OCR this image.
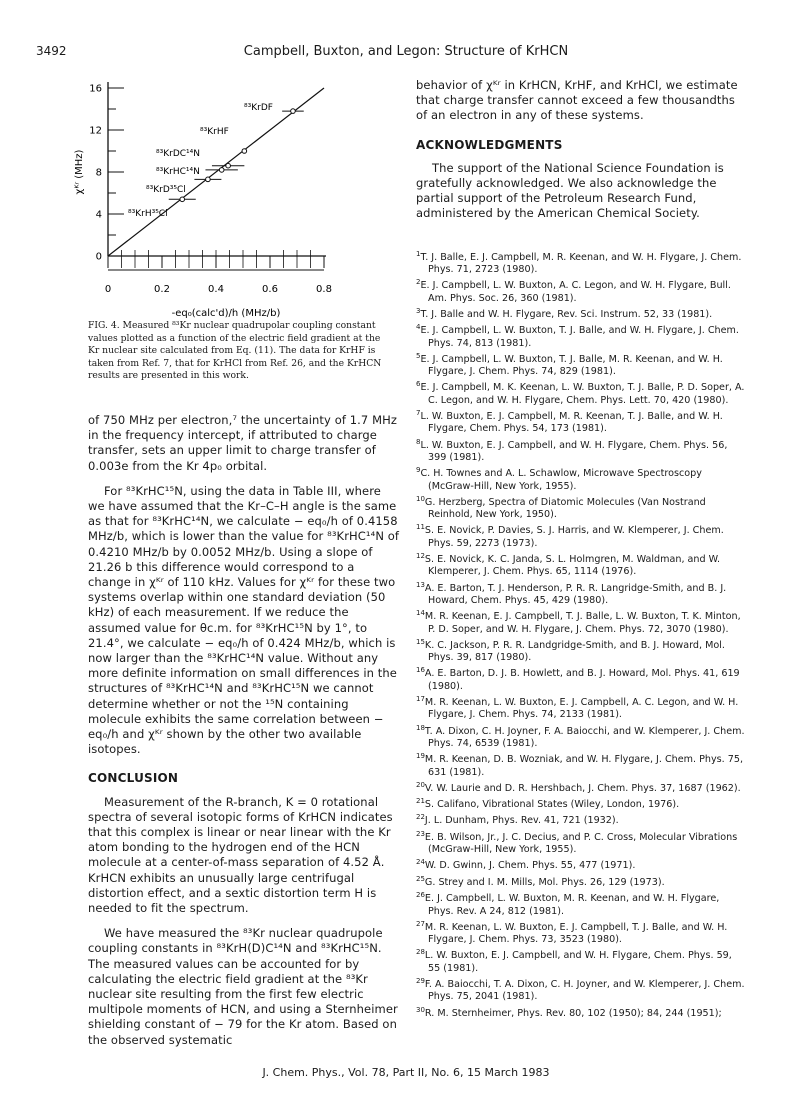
3492	Campbell, Buxton, and Legon: Structure of KrHCN
0
4
8
12
16
0	0.2	0.4	0.6	0.8
⁸³KrDF
⁸³KrHF
⁸³KrDC¹⁴N
⁸³KrHC¹⁴N
⁸³KrD³⁵Cl
⁸³KrH³⁵Cl
-eq₀(calc'd)/h (MHz/b)
χᴷʳ (MHz)
FIG. 4. Measured ⁸³Kr nuclear quadrupolar coupling constant values plotted as a function of the electric field gradient at the Kr nuclear site calculated from Eq. (11). The data for KrHF is taken from Ref. 7, that for KrHCl from Ref. 26, and the KrHCN results are presented in this work.

of 750 MHz per electron,⁷ the uncertainty of 1.7 MHz in the frequency intercept, if attributed to charge transfer, sets an upper limit to charge transfer of 0.003e from the Kr 4p₀ orbital.

For ⁸³KrHC¹⁵N, using the data in Table III, where we have assumed that the Kr–C–H angle is the same as that for ⁸³KrHC¹⁴N, we calculate − eq₀/h of 0.4158 MHz/b, which is lower than the value for ⁸³KrHC¹⁴N of 0.4210 MHz/b by 0.0052 MHz/b. Using a slope of 21.26 b this difference would correspond to a change in χᴷʳ of 110 kHz. Values for χᴷʳ for these two systems overlap within one standard deviation (50 kHz) of each measurement. If we reduce the assumed value for θc.m. for ⁸³KrHC¹⁵N by 1°, to 21.4°, we calculate − eq₀/h of 0.424 MHz/b, which is now larger than the ⁸³KrHC¹⁴N value. Without any more definite information on small differences in the structures of ⁸³KrHC¹⁴N and ⁸³KrHC¹⁵N we cannot determine whether or not the ¹⁵N containing molecule exhibits the same correlation between − eq₀/h and χᴷʳ shown by the other two available isotopes.

CONCLUSION

Measurement of the R-branch, K = 0 rotational spectra of several isotopic forms of KrHCN indicates that this complex is linear or near linear with the Kr atom bonding to the hydrogen end of the HCN molecule at a center-of-mass separation of 4.52 Å. KrHCN exhibits an unusually large centrifugal distortion effect, and a sextic distortion term H is needed to fit the spectrum.

We have measured the ⁸³Kr nuclear quadrupole coupling constants in ⁸³KrH(D)C¹⁴N and ⁸³KrHC¹⁵N. The measured values can be accounted for by calculating the electric field gradient at the ⁸³Kr nuclear site resulting from the first few electric multipole moments of HCN, and using a Sternheimer shielding constant of − 79 for the Kr atom. Based on the observed systematic

behavior of χᴷʳ in KrHCN, KrHF, and KrHCl, we estimate that charge transfer cannot exceed a few thousandths of an electron in any of these systems.

ACKNOWLEDGMENTS

The support of the National Science Foundation is gratefully acknowledged. We also acknowledge the partial support of the Petroleum Research Fund, administered by the American Chemical Society.

$^1$T. J. Balle, E. J. Campbell, M. R. Keenan, and W. H. Flygare, J. Chem. Phys. 71, 2723 (1980).
$^2$E. J. Campbell, L. W. Buxton, A. C. Legon, and W. H. Flygare, Bull. Am. Phys. Soc. 26, 360 (1981).
$^3$T. J. Balle and W. H. Flygare, Rev. Sci. Instrum. 52, 33 (1981).
$^4$E. J. Campbell, L. W. Buxton, T. J. Balle, and W. H. Flygare, J. Chem. Phys. 74, 813 (1981).
$^5$E. J. Campbell, L. W. Buxton, T. J. Balle, M. R. Keenan, and W. H. Flygare, J. Chem. Phys. 74, 829 (1981).
$^6$E. J. Campbell, M. K. Keenan, L. W. Buxton, T. J. Balle, P. D. Soper, A. C. Legon, and W. H. Flygare, Chem. Phys. Lett. 70, 420 (1980).
$^7$L. W. Buxton, E. J. Campbell, M. R. Keenan, T. J. Balle, and W. H. Flygare, Chem. Phys. 54, 173 (1981).
$^8$L. W. Buxton, E. J. Campbell, and W. H. Flygare, Chem. Phys. 56, 399 (1981).
$^9$C. H. Townes and A. L. Schawlow, Microwave Spectroscopy (McGraw-Hill, New York, 1955).
$^{10}$G. Herzberg, Spectra of Diatomic Molecules (Van Nostrand Reinhold, New York, 1950).
$^{11}$S. E. Novick, P. Davies, S. J. Harris, and W. Klemperer, J. Chem. Phys. 59, 2273 (1973).
$^{12}$S. E. Novick, K. C. Janda, S. L. Holmgren, M. Waldman, and W. Klemperer, J. Chem. Phys. 65, 1114 (1976).
$^{13}$A. E. Barton, T. J. Henderson, P. R. R. Langridge-Smith, and B. J. Howard, Chem. Phys. 45, 429 (1980).
$^{14}$M. R. Keenan, E. J. Campbell, T. J. Balle, L. W. Buxton, T. K. Minton, P. D. Soper, and W. H. Flygare, J. Chem. Phys. 72, 3070 (1980).
$^{15}$K. C. Jackson, P. R. R. Landgridge-Smith, and B. J. Howard, Mol. Phys. 39, 817 (1980).
$^{16}$A. E. Barton, D. J. B. Howlett, and B. J. Howard, Mol. Phys. 41, 619 (1980).
$^{17}$M. R. Keenan, L. W. Buxton, E. J. Campbell, A. C. Legon, and W. H. Flygare, J. Chem. Phys. 74, 2133 (1981).
$^{18}$T. A. Dixon, C. H. Joyner, F. A. Baiocchi, and W. Klemperer, J. Chem. Phys. 74, 6539 (1981).
$^{19}$M. R. Keenan, D. B. Wozniak, and W. H. Flygare, J. Chem. Phys. 75, 631 (1981).
$^{20}$V. W. Laurie and D. R. Hershbach, J. Chem. Phys. 37, 1687 (1962).
$^{21}$S. Califano, Vibrational States (Wiley, London, 1976).
$^{22}$J. L. Dunham, Phys. Rev. 41, 721 (1932).
$^{23}$E. B. Wilson, Jr., J. C. Decius, and P. C. Cross, Molecular Vibrations (McGraw-Hill, New York, 1955).
$^{24}$W. D. Gwinn, J. Chem. Phys. 55, 477 (1971).
$^{25}$G. Strey and I. M. Mills, Mol. Phys. 26, 129 (1973).
$^{26}$E. J. Campbell, L. W. Buxton, M. R. Keenan, and W. H. Flygare, Phys. Rev. A 24, 812 (1981).
$^{27}$M. R. Keenan, L. W. Buxton, E. J. Campbell, T. J. Balle, and W. H. Flygare, J. Chem. Phys. 73, 3523 (1980).
$^{28}$L. W. Buxton, E. J. Campbell, and W. H. Flygare, Chem. Phys. 59, 55 (1981).
$^{29}$F. A. Baiocchi, T. A. Dixon, C. H. Joyner, and W. Klemperer, J. Chem. Phys. 75, 2041 (1981).
$^{30}$R. M. Sternheimer, Phys. Rev. 80, 102 (1950); 84, 244 (1951);
J. Chem. Phys., Vol. 78, Part II, No. 6, 15 March 1983
